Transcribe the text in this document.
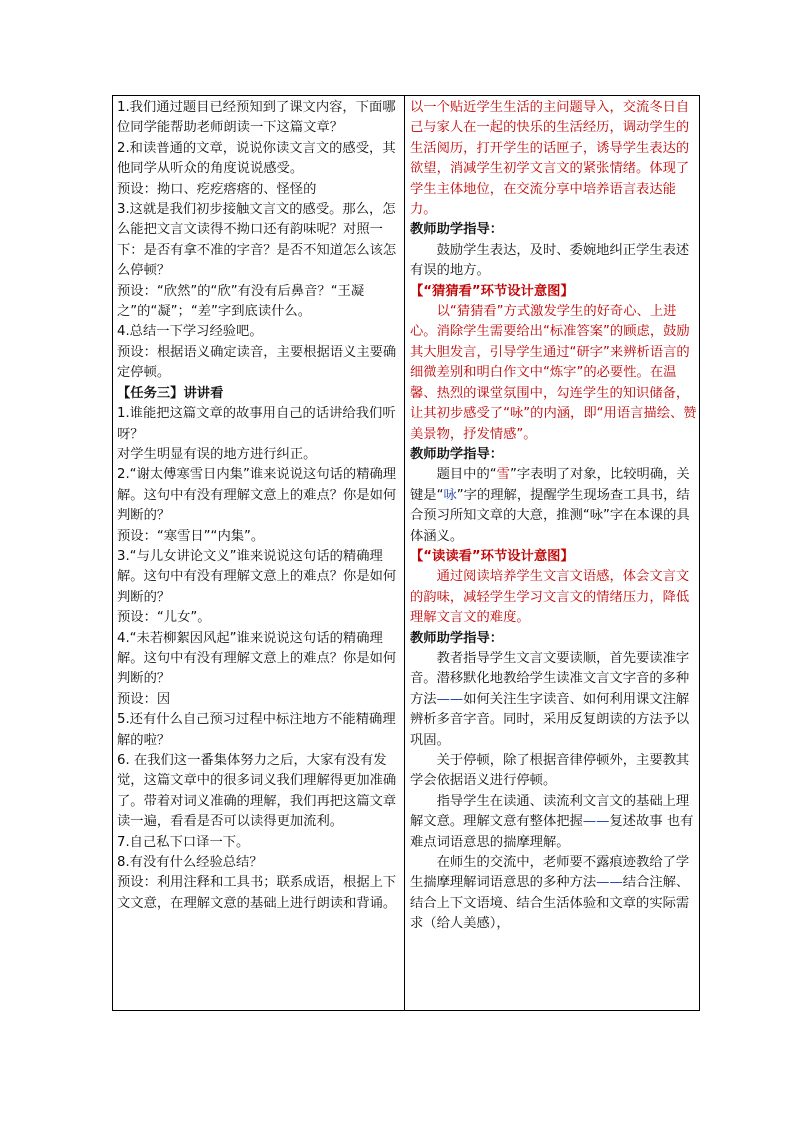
1.我们通过题目已经预知到了课文内容，下面哪位同学能帮助老师朗读一下这篇文章？

2.和读普通的文章，说说你读文言文的感受，其他同学从听众的角度说说感受。

预设：拗口、疙疙瘩瘩的、怪怪的

3.这就是我们初步接触文言文的感受。那么，怎么能把文言文读得不拗口还有韵味呢？对照一下：是否有拿不准的字音？是否不知道怎么该怎么停顿？

预设：“欣然”的“欣”有没有后鼻音？“王凝之”的“凝”；“差”字到底读什么。

4.总结一下学习经验吧。

预设：根据语义确定读音，主要根据语义主要确定停顿。

【任务三】讲讲看

1.谁能把这篇文章的故事用自己的话讲给我们听呀？

对学生明显有误的地方进行纠正。

2.“谢太傅寒雪日内集”谁来说说这句话的精确理解。这句中有没有理解文意上的难点？你是如何判断的？

预设：“寒雪日”“内集”。

3.“与儿女讲论文义”谁来说说这句话的精确理解。这句中有没有理解文意上的难点？你是如何判断的？

预设：“儿女”。

4.“未若柳絮因风起”谁来说说这句话的精确理解。这句中有没有理解文意上的难点？你是如何判断的？

预设：因

5.还有什么自己预习过程中标注地方不能精确理解的啦？

6. 在我们这一番集体努力之后，大家有没有发觉，这篇文章中的很多词义我们理解得更加准确了。带着对词义准确的理解，我们再把这篇文章读一遍，看看是否可以读得更加流利。

7.自己私下口译一下。

8.有没有什么经验总结？

预设：利用注释和工具书；联系成语，根据上下文文意，在理解文意的基础上进行朗读和背诵。

以一个贴近学生生活的主问题导入，交流冬日自己与家人在一起的快乐的生活经历，调动学生的生活阅历，打开学生的话匣子，诱导学生表达的欲望，消减学生初学文言文的紧张情绪。体现了学生主体地位，在交流分享中培养语言表达能力。

教师助学指导：

鼓励学生表达，及时、委婉地纠正学生表述有误的地方。

【“猜猜看”环节设计意图】

以“猜猜看”方式激发学生的好奇心、上进心。消除学生需要给出“标准答案”的顾虑，鼓励其大胆发言，引导学生通过“研字”来辨析语言的细微差别和明白作文中“炼字”的必要性。在温馨、热烈的课堂氛围中，勾连学生的知识储备，让其初步感受了“咏”的内涵，即“用语言描绘、赞美景物，抒发情感”。

教师助学指导：

题目中的“雪”字表明了对象，比较明确，关键是“咏”字的理解，提醒学生现场查工具书，结合预习所知文章的大意，推测“咏”字在本课的具体涵义。

【“读读看”环节设计意图】

通过阅读培养学生文言文语感，体会文言文的韵味，减轻学生学习文言文的情绪压力，降低理解文言文的难度。

教师助学指导：

教者指导学生文言文要读顺，首先要读准字音。潜移默化地教给学生读准文言文字音的多种方法——如何关注生字读音、如何利用课文注解辨析多音字音。同时，采用反复朗读的方法予以巩固。

关于停顿，除了根据音律停顿外，主要教其学会依据语义进行停顿。

指导学生在读通、读流利文言文的基础上理解文意。理解文意有整体把握——复述故事 也有难点词语意思的揣摩理解。

在师生的交流中，老师要不露痕迹教给了学生揣摩理解词语意思的多种方法——结合注解、结合上下文语境、结合生活体验和文章的实际需求（给人美感），
